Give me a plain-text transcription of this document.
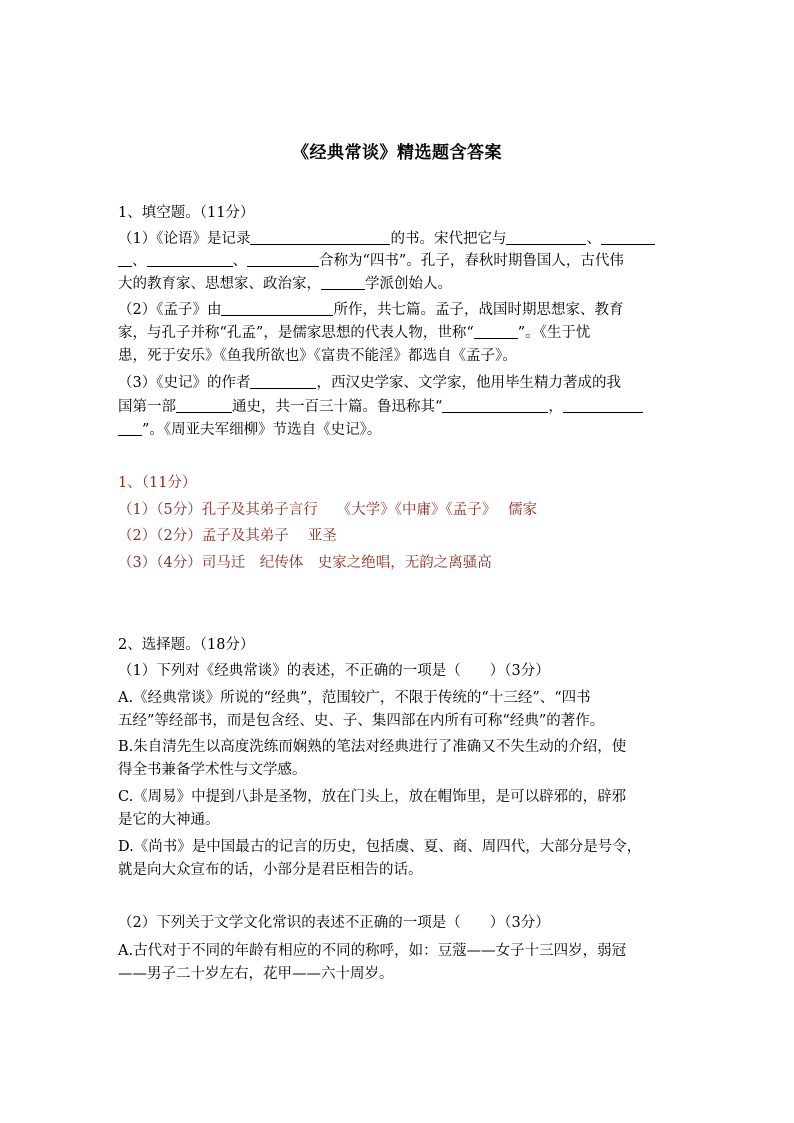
《经典常谈》精选题含答案
1、填空题。（11分）
（1）《论语》是记录	的书。宋代把它与	、
、	、	合称为“四书”。孔子，春秋时期鲁国人，古代伟
大的教育家、思想家、政治家，	学派创始人。
（2）《孟子》由	所作，共七篇。孟子，战国时期思想家、教育
家，与孔子并称“孔孟”，是儒家思想的代表人物，世称“	”。《生于忧
患，死于安乐》《鱼我所欲也》《富贵不能淫》都选自《孟子》。
（3）《史记》的作者	，西汉史学家、文学家，他用毕生精力著成的我
国第一部	通史，共一百三十篇。鲁迅称其“	，
”。《周亚夫军细柳》节选自《史记》。
1、（11分）
（1）（5分）孔子及其弟子言行　 《大学》《中庸》《孟子》　 儒家
（2）（2分）孟子及其弟子　 亚圣
（3）（4分）司马迁　纪传体　史家之绝唱，无韵之离骚高
2、选择题。（18分）
（1）下列对《经典常谈》的表述，不正确的一项是（　　）（3分）
A.《经典常谈》所说的“经典”，范围较广，不限于传统的“十三经”、“四书
五经”等经部书，而是包含经、史、子、集四部在内所有可称“经典”的著作。
B.朱自清先生以高度洗练而娴熟的笔法对经典进行了准确又不失生动的介绍，使
得全书兼备学术性与文学感。
C.《周易》中提到八卦是圣物，放在门头上，放在帽饰里，是可以辟邪的，辟邪
是它的大神通。
D.《尚书》是中国最古的记言的历史，包括虞、夏、商、周四代，大部分是号令，
就是向大众宣布的话，小部分是君臣相告的话。
（2）下列关于文学文化常识的表述不正确的一项是（　　）（3分）
A.古代对于不同的年龄有相应的不同的称呼，如：豆蔻——女子十三四岁，弱冠
——男子二十岁左右，花甲——六十周岁。
